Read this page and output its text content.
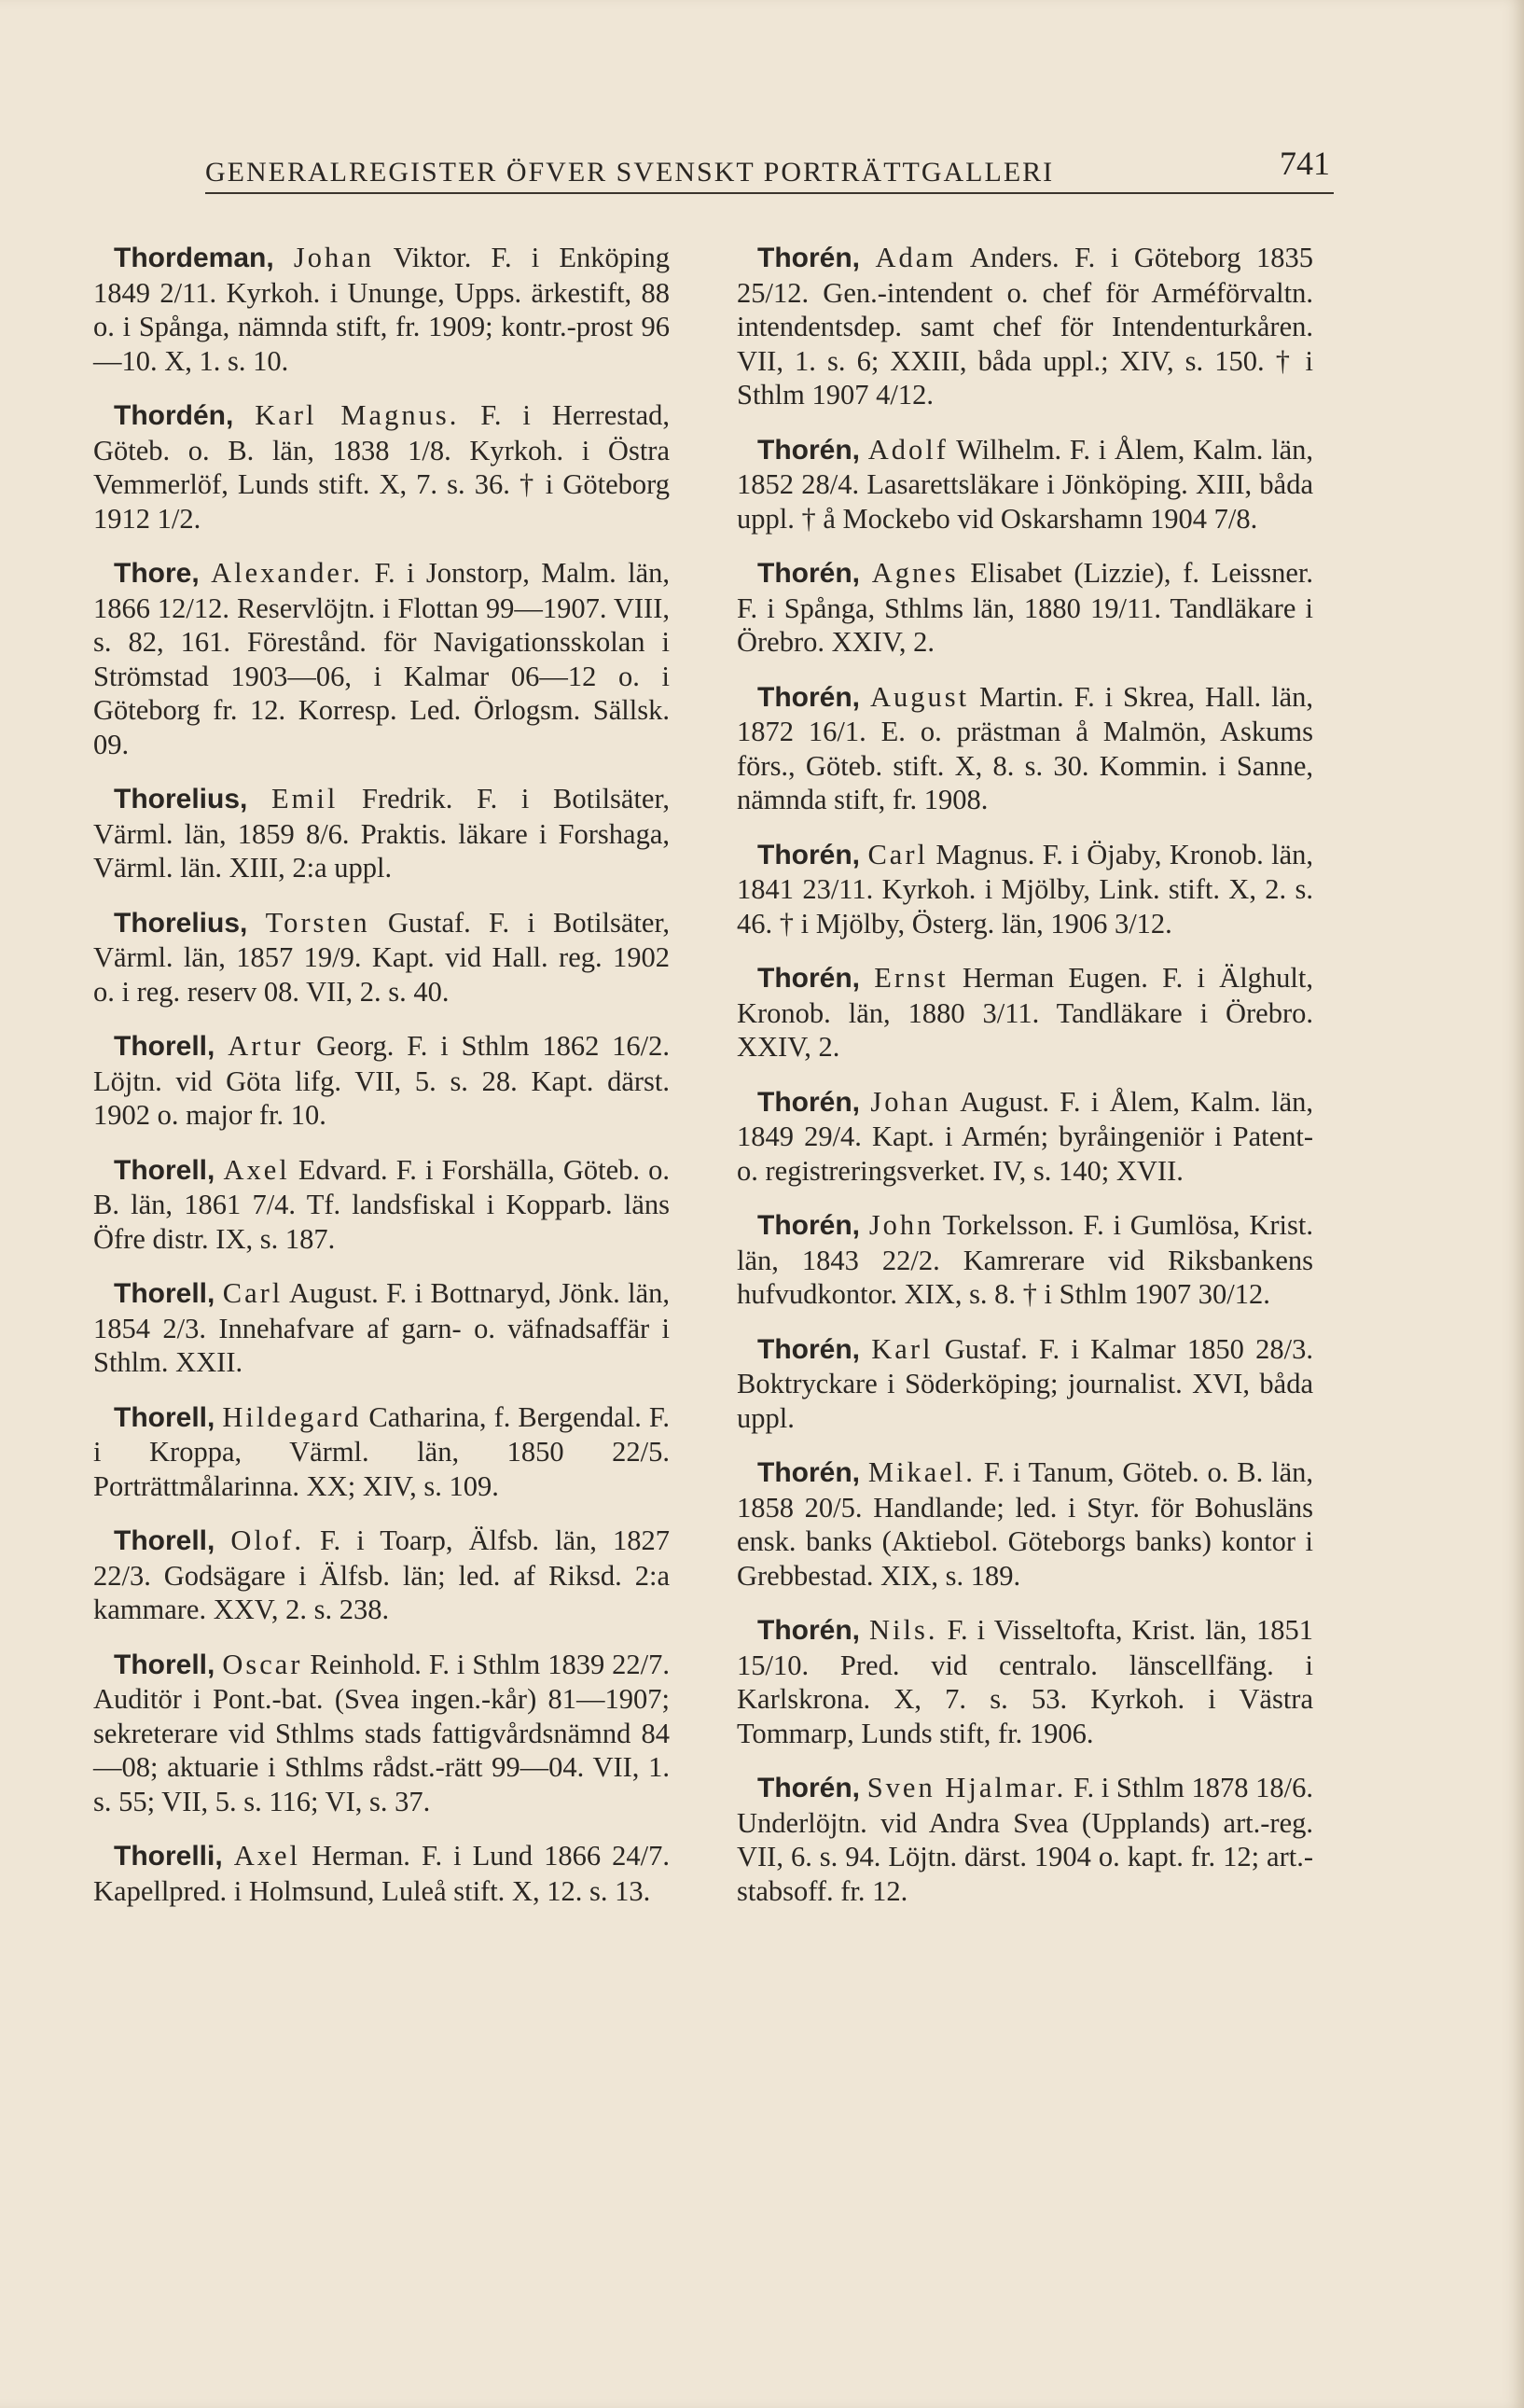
GENERALREGISTER ÖFVER SVENSKT PORTRÄTTGALLERI	741

Thordeman, Johan Viktor. F. i Enköping 1849 2/11. Kyrkoh. i Ununge, Upps. ärkestift, 88 o. i Spånga, nämnda stift, fr. 1909; kontr.-prost 96—10. X, 1. s. 10.

Thordén, Karl Magnus. F. i Herrestad, Göteb. o. B. län, 1838 1/8. Kyrkoh. i Östra Vemmerlöf, Lunds stift. X, 7. s. 36. † i Göteborg 1912 1/2.

Thore, Alexander. F. i Jonstorp, Malm. län, 1866 12/12. Reservlöjtn. i Flottan 99—1907. VIII, s. 82, 161. Förestånd. för Navigationsskolan i Strömstad 1903—06, i Kalmar 06—12 o. i Göteborg fr. 12. Korresp. Led. Örlogsm. Sällsk. 09.

Thorelius, Emil Fredrik. F. i Botilsäter, Värml. län, 1859 8/6. Praktis. läkare i Forshaga, Värml. län. XIII, 2:a uppl.

Thorelius, Torsten Gustaf. F. i Botilsäter, Värml. län, 1857 19/9. Kapt. vid Hall. reg. 1902 o. i reg. reserv 08. VII, 2. s. 40.

Thorell, Artur Georg. F. i Sthlm 1862 16/2. Löjtn. vid Göta lifg. VII, 5. s. 28. Kapt. därst. 1902 o. major fr. 10.

Thorell, Axel Edvard. F. i Forshälla, Göteb. o. B. län, 1861 7/4. Tf. landsfiskal i Kopparb. läns Öfre distr. IX, s. 187.

Thorell, Carl August. F. i Bottnaryd, Jönk. län, 1854 2/3. Innehafvare af garn- o. väfnadsaffär i Sthlm. XXII.

Thorell, Hildegard Catharina, f. Bergendal. F. i Kroppa, Värml. län, 1850 22/5. Porträttmålarinna. XX; XIV, s. 109.

Thorell, Olof. F. i Toarp, Älfsb. län, 1827 22/3. Godsägare i Älfsb. län; led. af Riksd. 2:a kammare. XXV, 2. s. 238.

Thorell, Oscar Reinhold. F. i Sthlm 1839 22/7. Auditör i Pont.-bat. (Svea ingen.-kår) 81—1907; sekreterare vid Sthlms stads fattigvårdsnämnd 84—08; aktuarie i Sthlms rådst.-rätt 99—04. VII, 1. s. 55; VII, 5. s. 116; VI, s. 37.

Thorelli, Axel Herman. F. i Lund 1866 24/7. Kapellpred. i Holmsund, Luleå stift. X, 12. s. 13.

Thorén, Adam Anders. F. i Göteborg 1835 25/12. Gen.-intendent o. chef för Arméförvaltn. intendentsdep. samt chef för Intendenturkåren. VII, 1. s. 6; XXIII, båda uppl.; XIV, s. 150. † i Sthlm 1907 4/12.

Thorén, Adolf Wilhelm. F. i Ålem, Kalm. län, 1852 28/4. Lasarettsläkare i Jönköping. XIII, båda uppl. † å Mockebo vid Oskarshamn 1904 7/8.

Thorén, Agnes Elisabet (Lizzie), f. Leissner. F. i Spånga, Sthlms län, 1880 19/11. Tandläkare i Örebro. XXIV, 2.

Thorén, August Martin. F. i Skrea, Hall. län, 1872 16/1. E. o. prästman å Malmön, Askums förs., Göteb. stift. X, 8. s. 30. Kommin. i Sanne, nämnda stift, fr. 1908.

Thorén, Carl Magnus. F. i Öjaby, Kronob. län, 1841 23/11. Kyrkoh. i Mjölby, Link. stift. X, 2. s. 46. † i Mjölby, Österg. län, 1906 3/12.

Thorén, Ernst Herman Eugen. F. i Älghult, Kronob. län, 1880 3/11. Tandläkare i Örebro. XXIV, 2.

Thorén, Johan August. F. i Ålem, Kalm. län, 1849 29/4. Kapt. i Armén; byråingeniör i Patent- o. registreringsverket. IV, s. 140; XVII.

Thorén, John Torkelsson. F. i Gumlösa, Krist. län, 1843 22/2. Kamrerare vid Riksbankens hufvudkontor. XIX, s. 8. † i Sthlm 1907 30/12.

Thorén, Karl Gustaf. F. i Kalmar 1850 28/3. Boktryckare i Söderköping; journalist. XVI, båda uppl.

Thorén, Mikael. F. i Tanum, Göteb. o. B. län, 1858 20/5. Handlande; led. i Styr. för Bohusläns ensk. banks (Aktiebol. Göteborgs banks) kontor i Grebbestad. XIX, s. 189.

Thorén, Nils. F. i Visseltofta, Krist. län, 1851 15/10. Pred. vid centralo. länscellfäng. i Karlskrona. X, 7. s. 53. Kyrkoh. i Västra Tommarp, Lunds stift, fr. 1906.

Thorén, Sven Hjalmar. F. i Sthlm 1878 18/6. Underlöjtn. vid Andra Svea (Upplands) art.-reg. VII, 6. s. 94. Löjtn. därst. 1904 o. kapt. fr. 12; art.-stabsoff. fr. 12.
